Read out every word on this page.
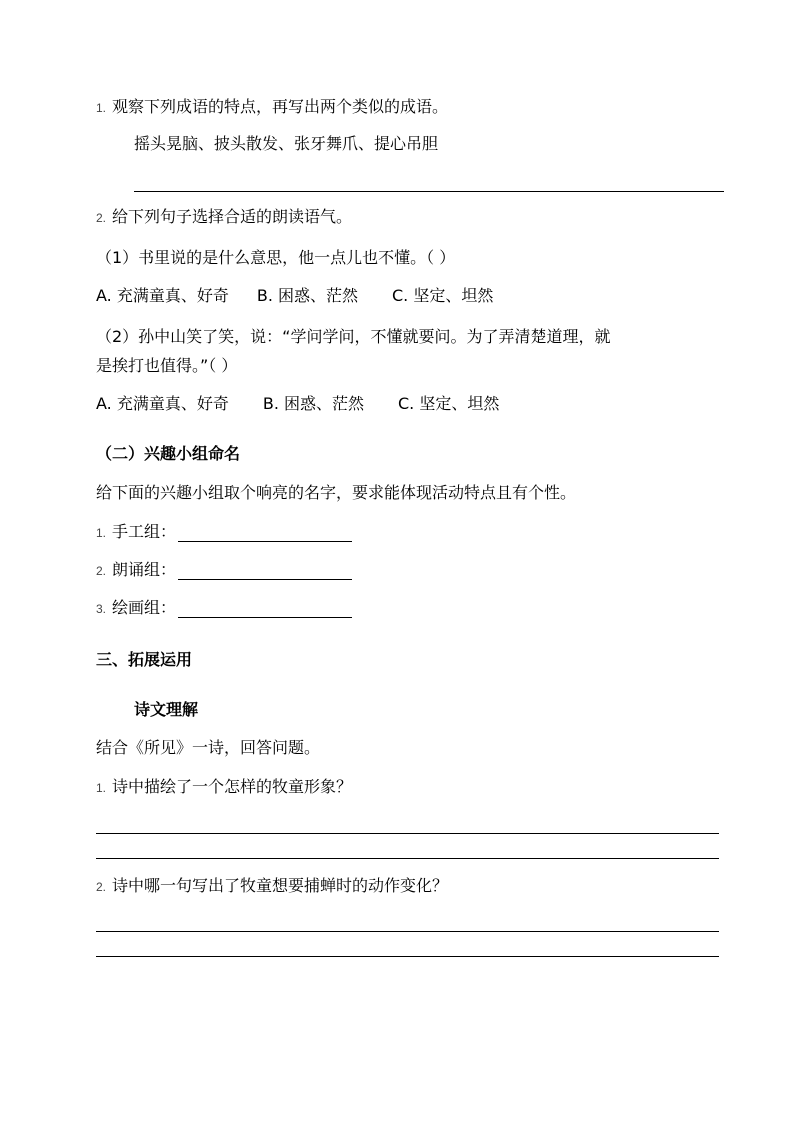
1. 观察下列成语的特点，再写出两个类似的成语。
摇头晃脑、披头散发、张牙舞爪、提心吊胆
2. 给下列句子选择合适的朗读语气。
（1）书里说的是什么意思，他一点儿也不懂。（ ）
A. 充满童真、好奇 B. 困惑、茫然 C. 坚定、坦然
（2）孙中山笑了笑，说：“学问学问，不懂就要问。为了弄清楚道理，就
是挨打也值得。”（ ）
A. 充满童真、好奇 B. 困惑、茫然 C. 坚定、坦然
（二）兴趣小组命名
给下面的兴趣小组取个响亮的名字，要求能体现活动特点且有个性。
1. 手工组：
2. 朗诵组：
3. 绘画组：
三、拓展运用
诗文理解
结合《所见》一诗，回答问题。
1. 诗中描绘了一个怎样的牧童形象？
2. 诗中哪一句写出了牧童想要捕蝉时的动作变化？
